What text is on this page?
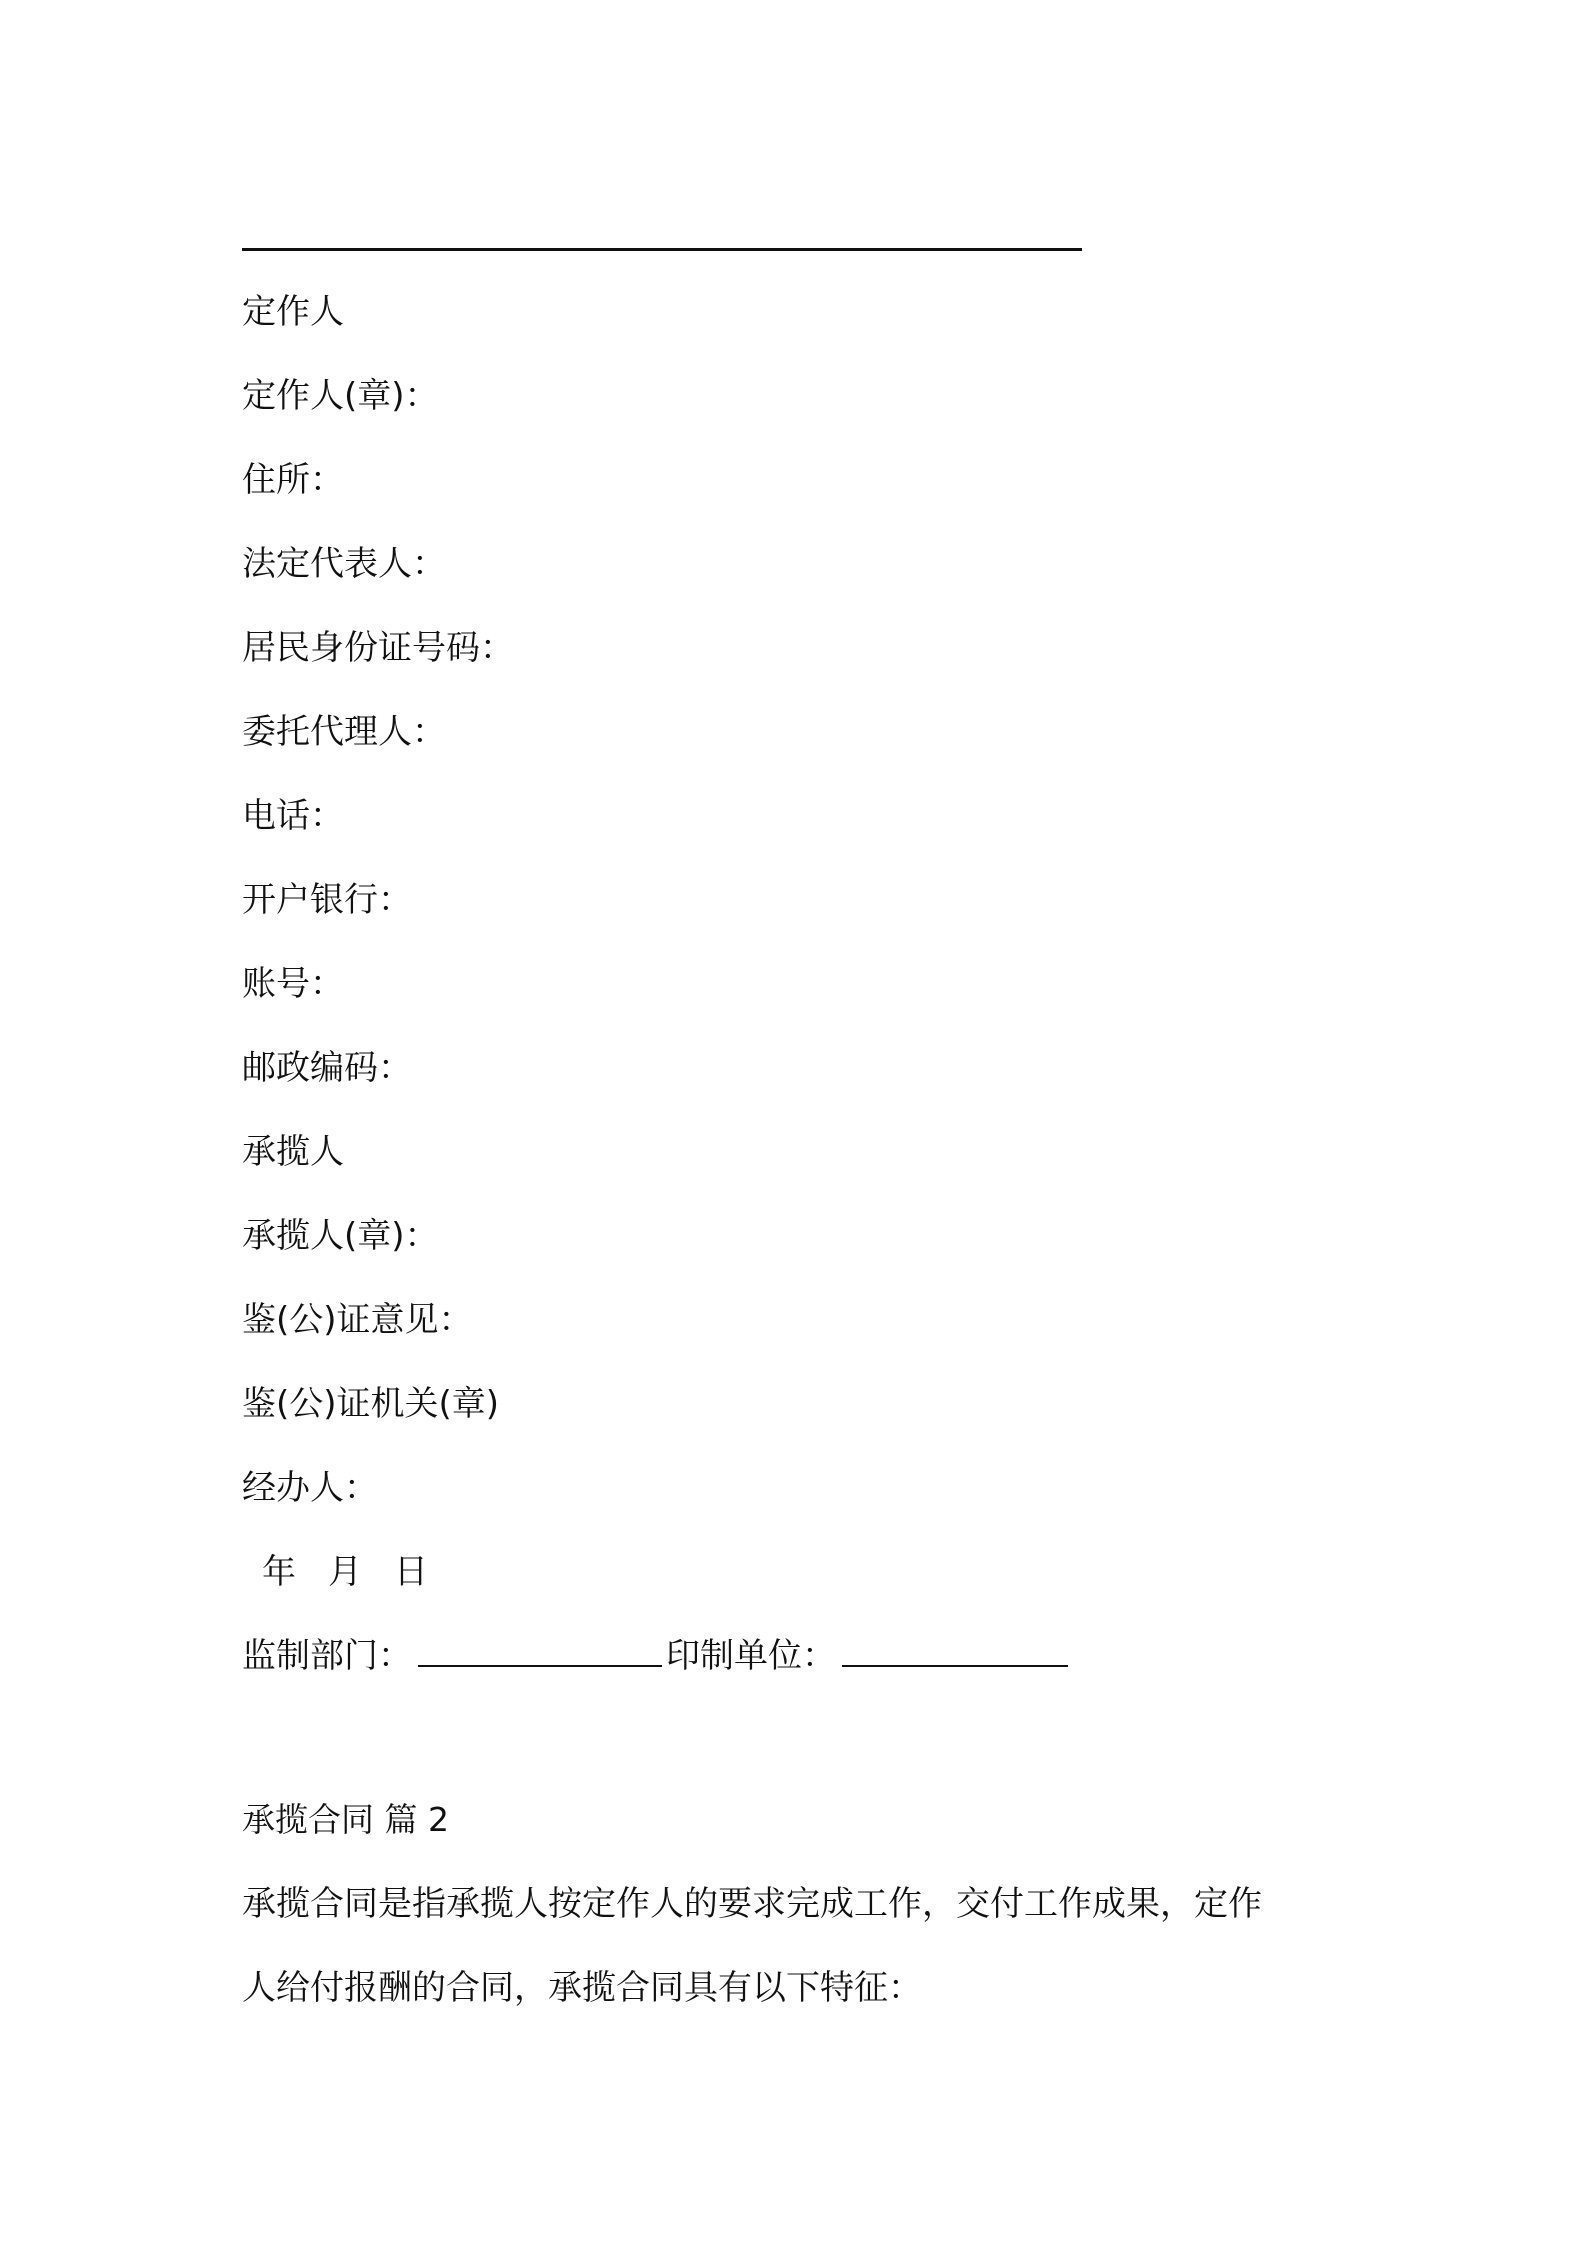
定作人
定作人(章)：
住所：
法定代表人：
居民身份证号码：
委托代理人：
电话：
开户银行：
账号：
邮政编码：
承揽人
承揽人(章)：
鉴(公)证意见：
鉴(公)证机关(章)
经办人：
年 月 日
监制部门：	印制单位：
承揽合同 篇 2
承揽合同是指承揽人按定作人的要求完成工作，交付工作成果，定作
人给付报酬的合同，承揽合同具有以下特征：
